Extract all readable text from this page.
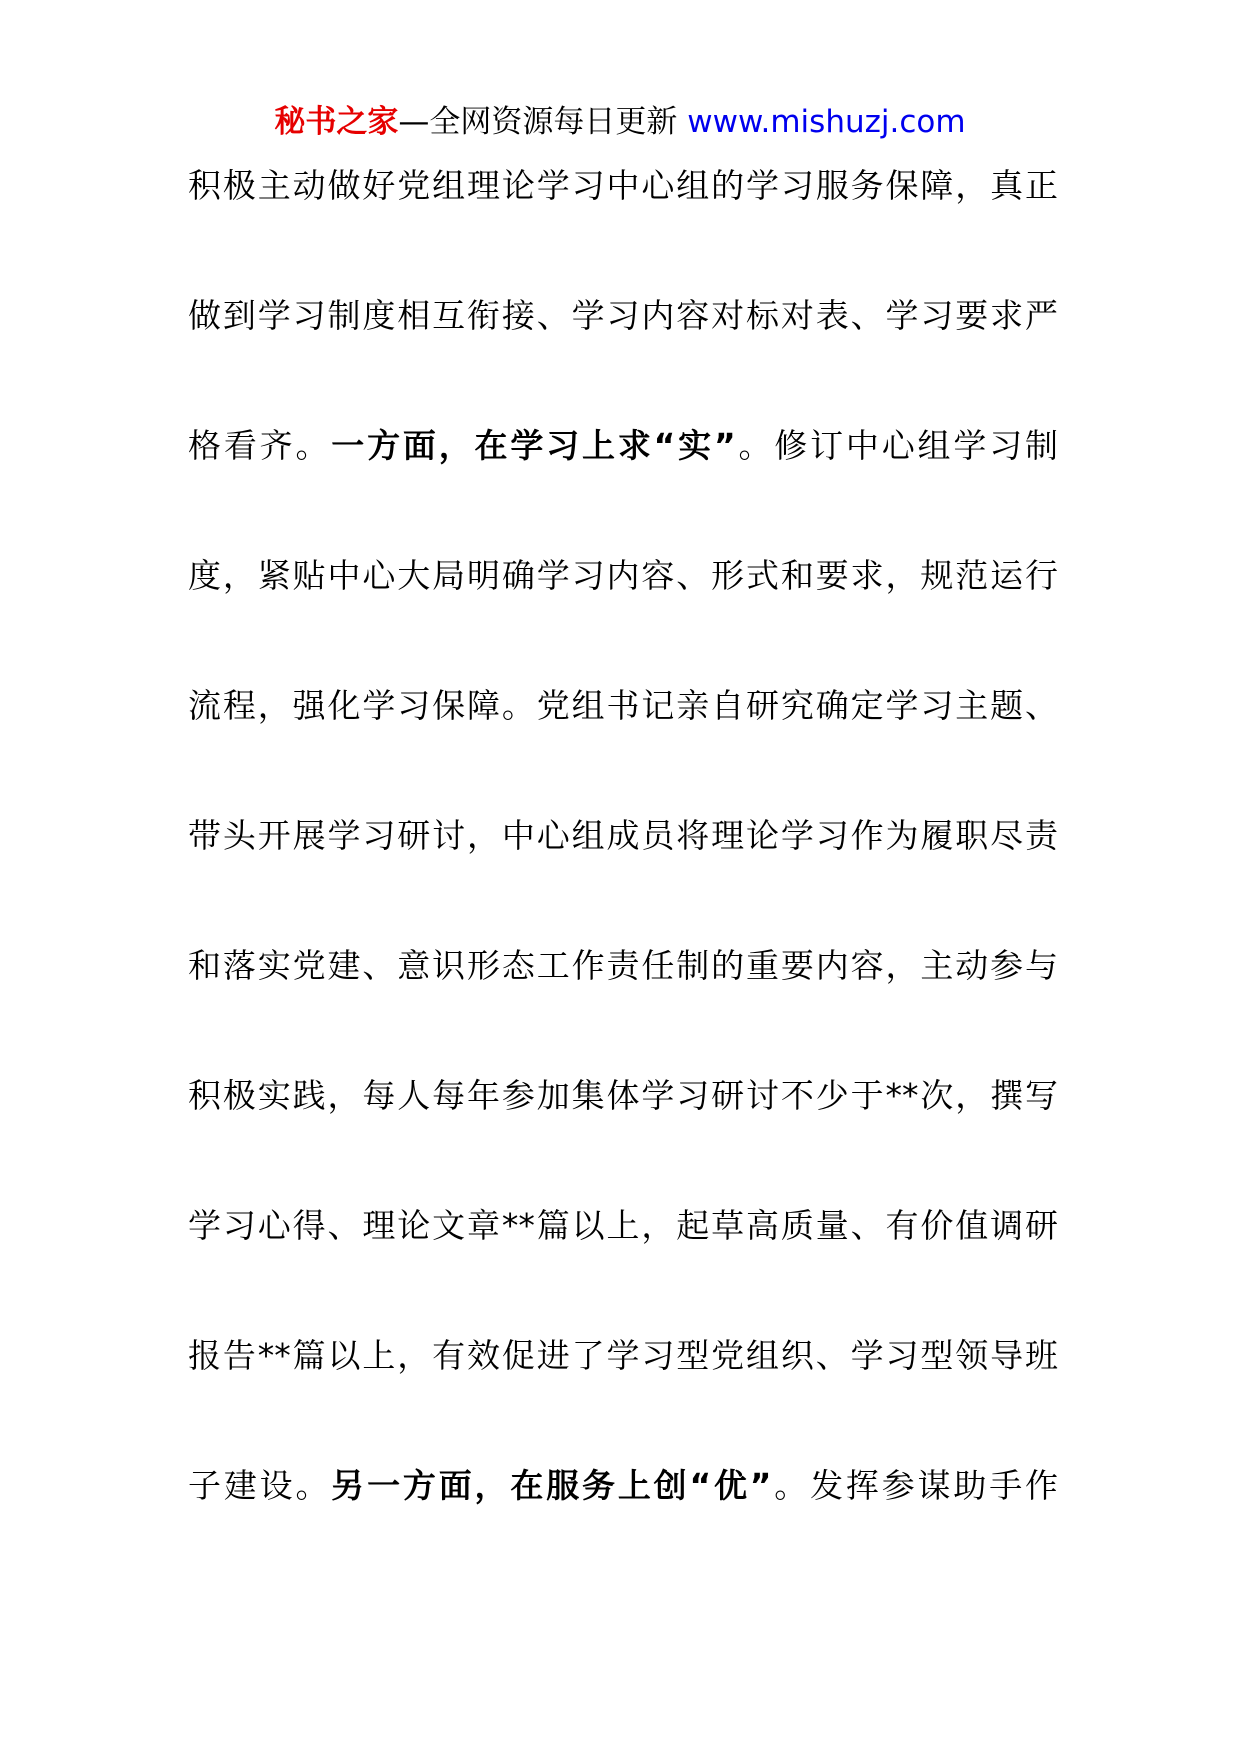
秘书之家—全网资源每日更新 www.mishuzj.com
积极主动做好党组理论学习中心组的学习服务保障，真正
做到学习制度相互衔接、学习内容对标对表、学习要求严
格看齐。一方面，在学习上求“实”。修订中心组学习制
度，紧贴中心大局明确学习内容、形式和要求，规范运行
流程，强化学习保障。党组书记亲自研究确定学习主题、
带头开展学习研讨，中心组成员将理论学习作为履职尽责
和落实党建、意识形态工作责任制的重要内容，主动参与
积极实践，每人每年参加集体学习研讨不少于**次，撰写
学习心得、理论文章**篇以上，起草高质量、有价值调研
报告**篇以上，有效促进了学习型党组织、学习型领导班
子建设。另一方面，在服务上创“优”。发挥参谋助手作
